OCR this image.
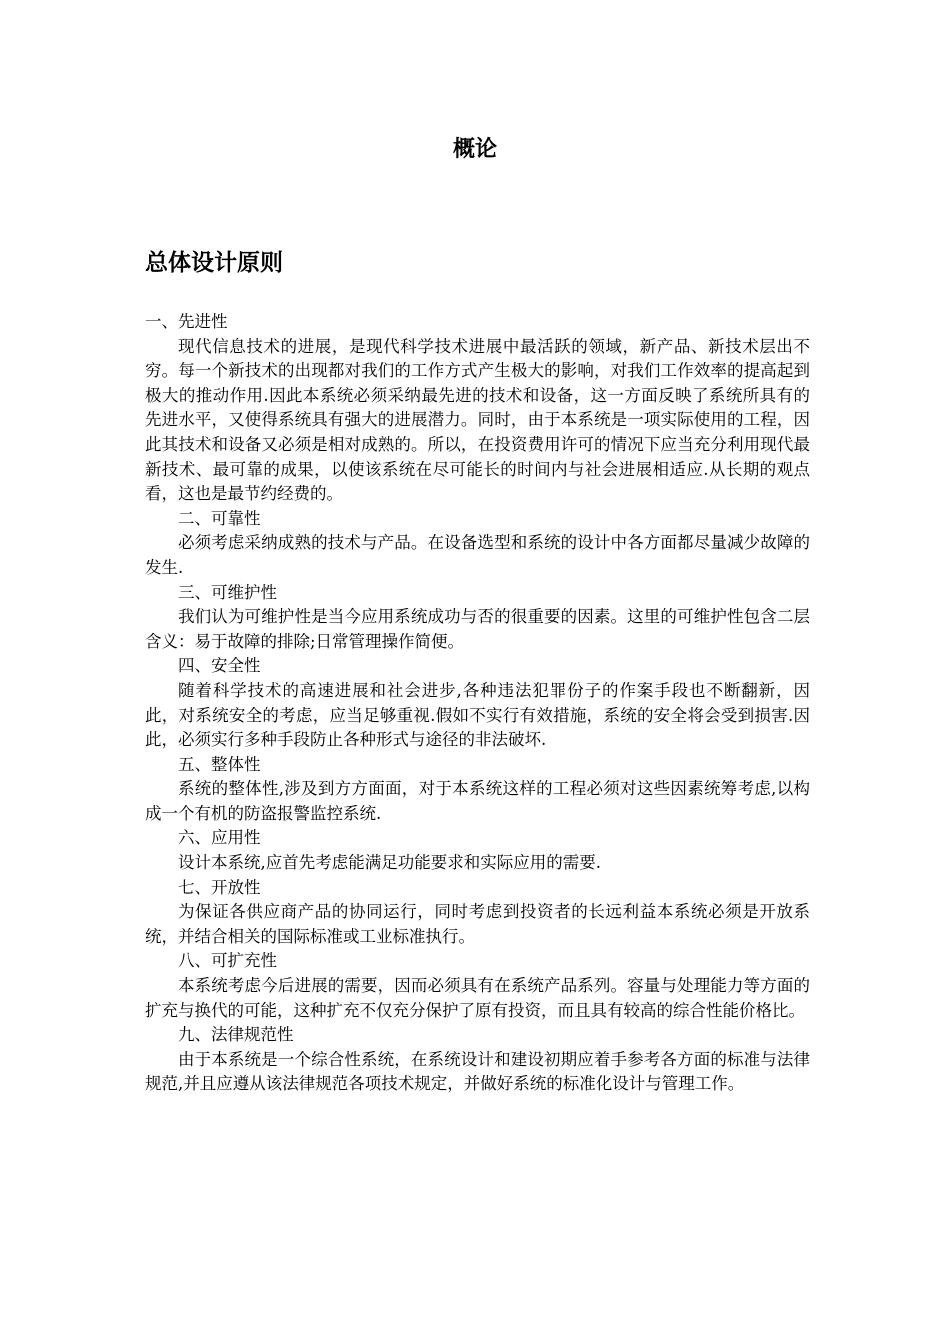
概论
总体设计原则

一、先进性

现代信息技术的进展，是现代科学技术进展中最活跃的领域，新产品、新技术层出不穷。每一个新技术的出现都对我们的工作方式产生极大的影响，对我们工作效率的提高起到极大的推动作用.因此本系统必须采纳最先进的技术和设备，这一方面反映了系统所具有的先进水平，又使得系统具有强大的进展潜力。同时，由于本系统是一项实际使用的工程，因此其技术和设备又必须是相对成熟的。所以，在投资费用许可的情况下应当充分利用现代最新技术、最可靠的成果，以使该系统在尽可能长的时间内与社会进展相适应.从长期的观点看，这也是最节约经费的。

二、可靠性

必须考虑采纳成熟的技术与产品。在设备选型和系统的设计中各方面都尽量减少故障的发生.

三、可维护性

我们认为可维护性是当今应用系统成功与否的很重要的因素。这里的可维护性包含二层含义：易于故障的排除;日常管理操作简便。

四、安全性

随着科学技术的高速进展和社会进步,各种违法犯罪份子的作案手段也不断翻新，因此，对系统安全的考虑，应当足够重视.假如不实行有效措施，系统的安全将会受到损害.因此，必须实行多种手段防止各种形式与途径的非法破坏.

五、整体性

系统的整体性,涉及到方方面面，对于本系统这样的工程必须对这些因素统筹考虑,以构成一个有机的防盗报警监控系统.

六、应用性

设计本系统,应首先考虑能满足功能要求和实际应用的需要.

七、开放性

为保证各供应商产品的协同运行，同时考虑到投资者的长远利益本系统必须是开放系统，并结合相关的国际标准或工业标准执行。

八、可扩充性

本系统考虑今后进展的需要，因而必须具有在系统产品系列。容量与处理能力等方面的扩充与换代的可能，这种扩充不仅充分保护了原有投资，而且具有较高的综合性能价格比。

九、法律规范性

由于本系统是一个综合性系统，在系统设计和建设初期应着手参考各方面的标准与法律规范,并且应遵从该法律规范各项技术规定，并做好系统的标准化设计与管理工作。
